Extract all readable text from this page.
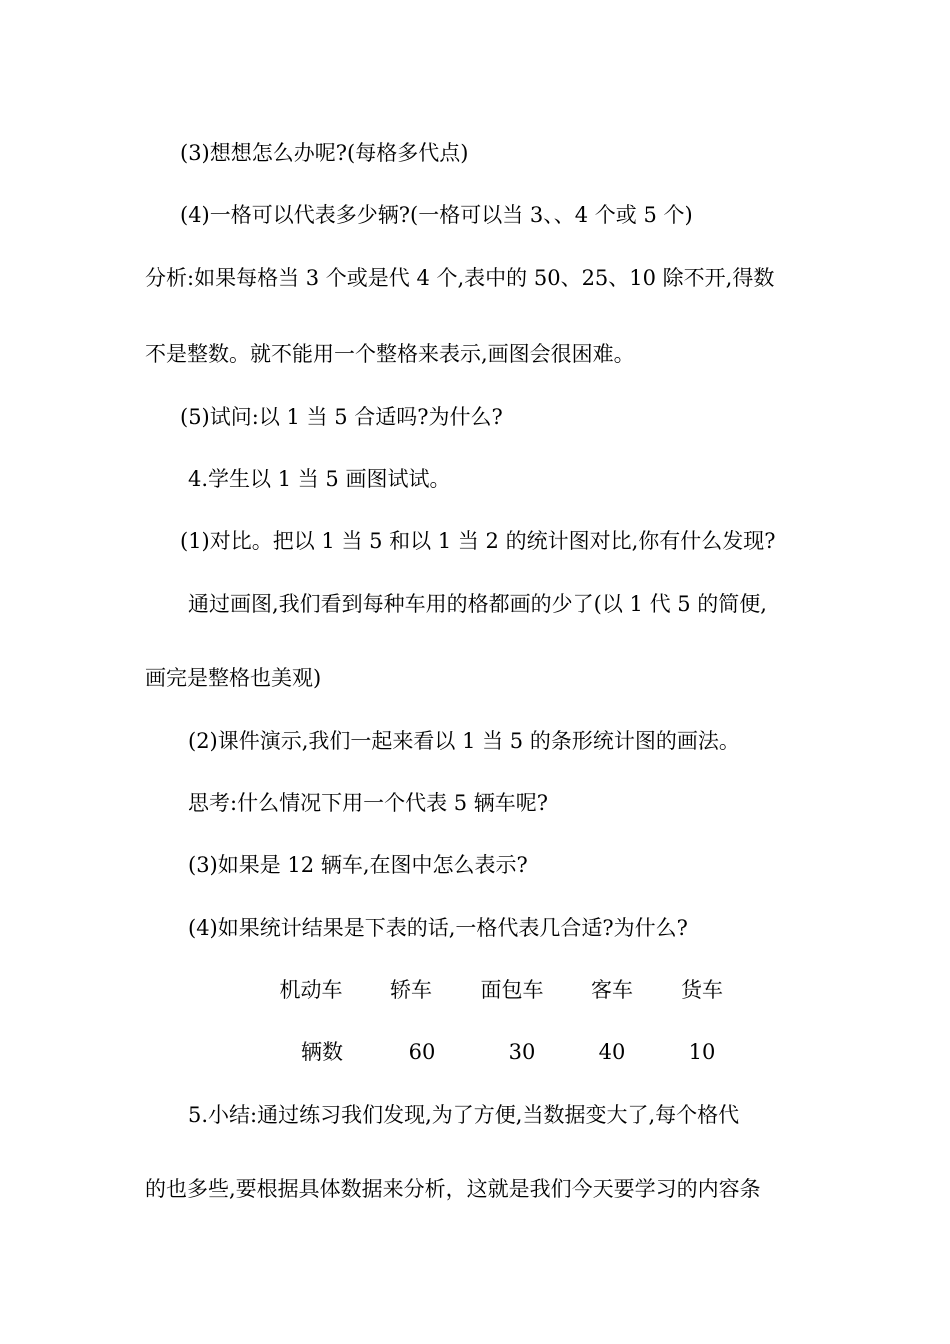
(3)想想怎么办呢?(每格多代点)

(4)一格可以代表多少辆?(一格可以当 3、、4 个或 5 个)

分析:如果每格当 3 个或是代 4 个,表中的 50、25、10 除不开,得数

不是整数。就不能用一个整格来表示,画图会很困难。

(5)试问:以 1 当 5 合适吗?为什么?

4.学生以 1 当 5 画图试试。

(1)对比。把以 1 当 5 和以 1 当 2 的统计图对比,你有什么发现?

通过画图,我们看到每种车用的格都画的少了(以 1 代 5 的简便,

画完是整格也美观)

(2)课件演示,我们一起来看以 1 当 5 的条形统计图的画法。

思考:什么情况下用一个代表 5 辆车呢?

(3)如果是 12 辆车,在图中怎么表示?

(4)如果统计结果是下表的话,一格代表几合适?为什么?

机动车	轿车	面包车	客车	货车
辆数	60	30	40	10

5.小结:通过练习我们发现,为了方便,当数据变大了,每个格代

的也多些,要根据具体数据来分析，这就是我们今天要学习的内容条
